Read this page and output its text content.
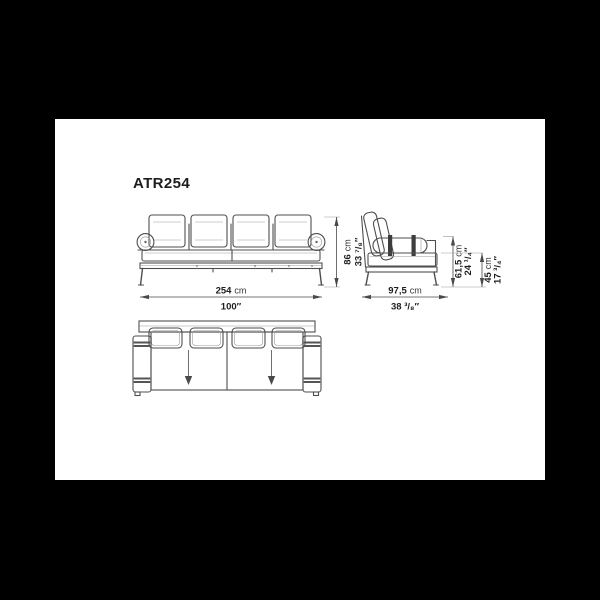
ATR254
254 cm
100″
86cm 33 ⁷/₈″
97,5 cm
38 ³/₈″
61,5cm 24 ¹/₄″
45cm 17 ³/₄″
